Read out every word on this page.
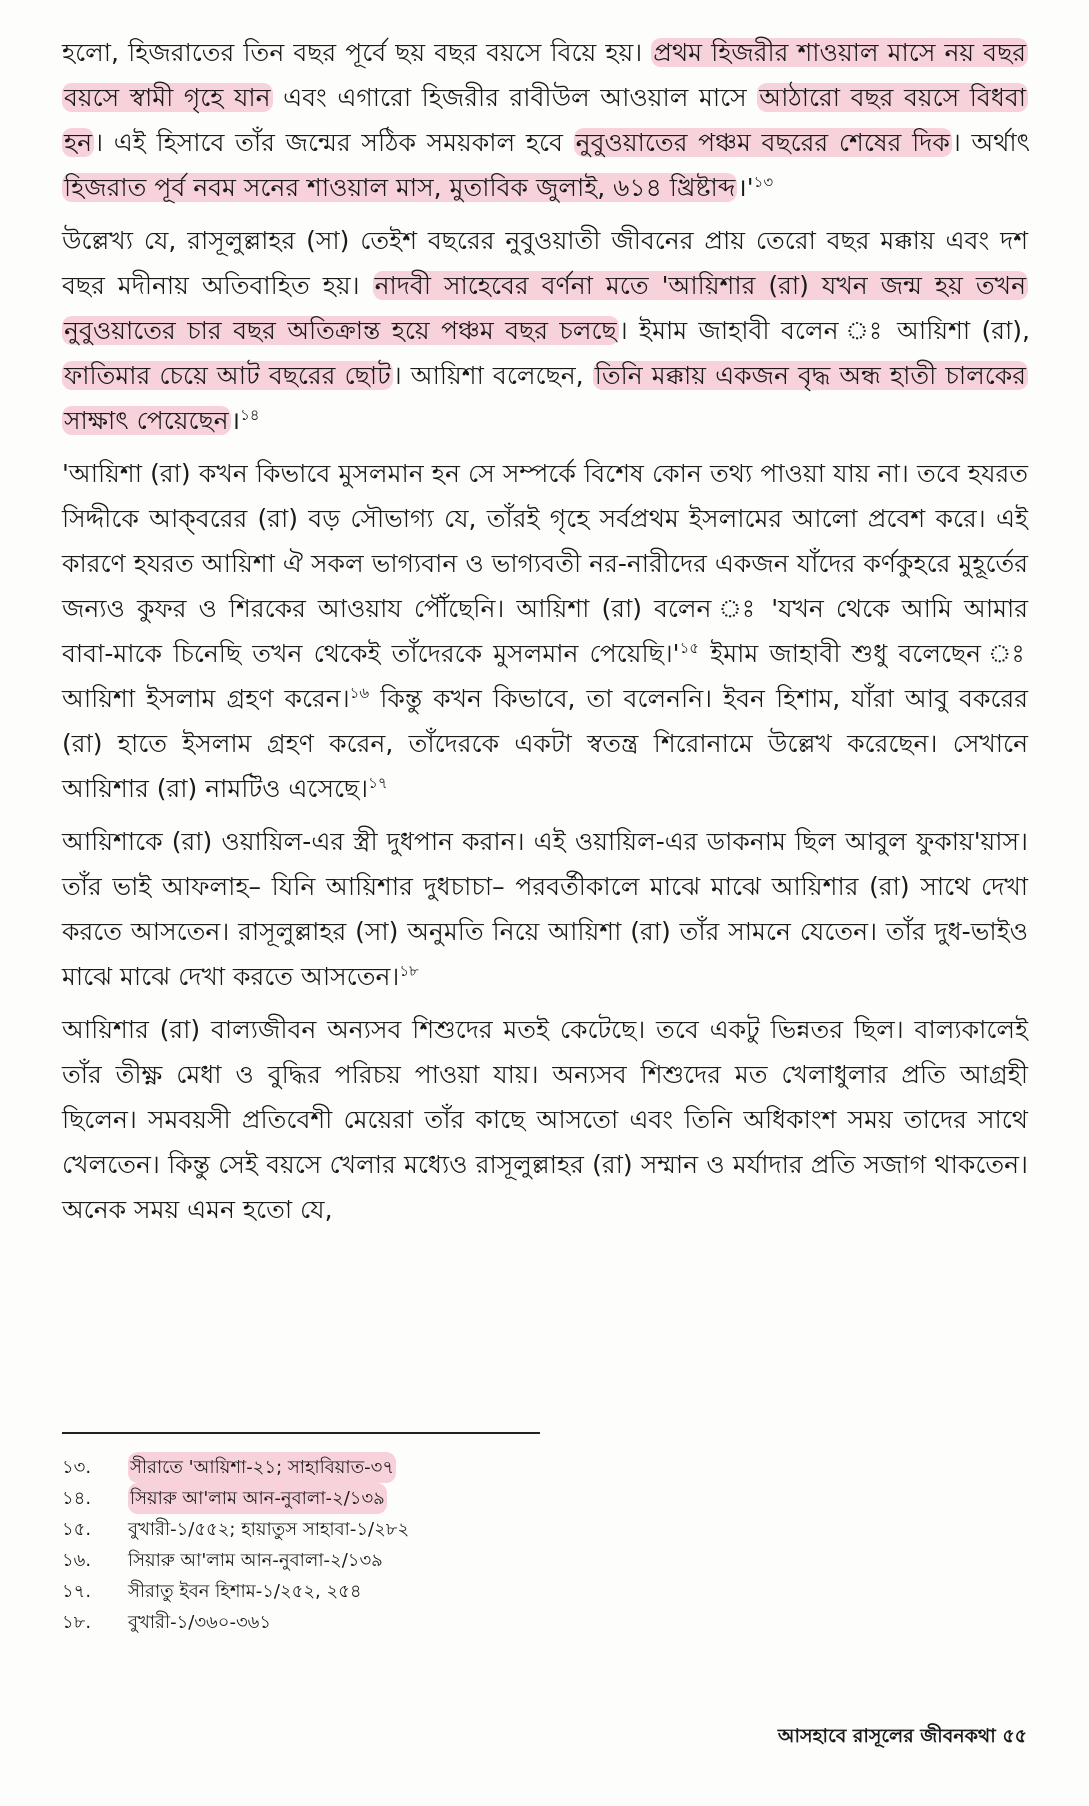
হলো, হিজরাতের তিন বছর পূর্বে ছয় বছর বয়সে বিয়ে হয়। প্রথম হিজরীর শাওয়াল মাসে নয় বছর বয়সে স্বামী গৃহে যান এবং এগারো হিজরীর রাবীউল আওয়াল মাসে আঠারো বছর বয়সে বিধবা হন। এই হিসাবে তাঁর জন্মের সঠিক সময়কাল হবে নুবুওয়াতের পঞ্চম বছরের শেষের দিক। অর্থাৎ হিজরাত পূর্ব নবম সনের শাওয়াল মাস, মুতাবিক জুলাই, ৬১৪ খ্রিষ্টাব্দ।'$^{১৩}$

উল্লেখ্য যে, রাসূলুল্লাহর (সা) তেইশ বছরের নুবুওয়াতী জীবনের প্রায় তেরো বছর মক্কায় এবং দশ বছর মদীনায় অতিবাহিত হয়। নাদবী সাহেবের বর্ণনা মতে 'আয়িশার (রা) যখন জন্ম হয় তখন নুবুওয়াতের চার বছর অতিক্রান্ত হয়ে পঞ্চম বছর চলছে। ইমাম জাহাবী বলেন ঃ আয়িশা (রা), ফাতিমার চেয়ে আট বছরের ছোট। আয়িশা বলেছেন, তিনি মক্কায় একজন বৃদ্ধ অন্ধ হাতী চালকের সাক্ষাৎ পেয়েছেন।$^{১৪}$

'আয়িশা (রা) কখন কিভাবে মুসলমান হন সে সম্পর্কে বিশেষ কোন তথ্য পাওয়া যায় না। তবে হযরত সিদ্দীকে আক্‌বরের (রা) বড় সৌভাগ্য যে, তাঁরই গৃহে সর্বপ্রথম ইসলামের আলো প্রবেশ করে। এই কারণে হযরত আয়িশা ঐ সকল ভাগ্যবান ও ভাগ্যবতী নর-নারীদের একজন যাঁদের কর্ণকুহরে মুহূর্তের জন্যও কুফর ও শিরকের আওয়ায পৌঁছেনি। আয়িশা (রা) বলেন ঃ 'যখন থেকে আমি আমার বাবা-মাকে চিনেছি তখন থেকেই তাঁদেরকে মুসলমান পেয়েছি।'$^{১৫}$ ইমাম জাহাবী শুধু বলেছেন ঃ আয়িশা ইসলাম গ্রহণ করেন।$^{১৬}$ কিন্তু কখন কিভাবে, তা বলেননি। ইবন হিশাম, যাঁরা আবু বকরের (রা) হাতে ইসলাম গ্রহণ করেন, তাঁদেরকে একটা স্বতন্ত্র শিরোনামে উল্লেখ করেছেন। সেখানে আয়িশার (রা) নামটিও এসেছে।$^{১৭}$

আয়িশাকে (রা) ওয়ায়িল-এর স্ত্রী দুধপান করান। এই ওয়ায়িল-এর ডাকনাম ছিল আবুল ফুকায়'য়াস। তাঁর ভাই আফলাহ– যিনি আয়িশার দুধচাচা– পরবর্তীকালে মাঝে মাঝে আয়িশার (রা) সাথে দেখা করতে আসতেন। রাসূলুল্লাহর (সা) অনুমতি নিয়ে আয়িশা (রা) তাঁর সামনে যেতেন। তাঁর দুধ-ভাইও মাঝে মাঝে দেখা করতে আসতেন।$^{১৮}$

আয়িশার (রা) বাল্যজীবন অন্যসব শিশুদের মতই কেটেছে। তবে একটু ভিন্নতর ছিল। বাল্যকালেই তাঁর তীক্ষ্ণ মেধা ও বুদ্ধির পরিচয় পাওয়া যায়। অন্যসব শিশুদের মত খেলাধুলার প্রতি আগ্রহী ছিলেন। সমবয়সী প্রতিবেশী মেয়েরা তাঁর কাছে আসতো এবং তিনি অধিকাংশ সময় তাদের সাথে খেলতেন। কিন্তু সেই বয়সে খেলার মধ্যেও রাসূলুল্লাহর (রা) সম্মান ও মর্যাদার প্রতি সজাগ থাকতেন। অনেক সময় এমন হতো যে,

১৩.	সীরাতে 'আয়িশা-২১; সাহাবিয়াত-৩৭
১৪.	সিয়ারু আ'লাম আন-নুবালা-২/১৩৯
১৫.	বুখারী-১/৫৫২; হায়াতুস সাহাবা-১/২৮২
১৬.	সিয়ারু আ'লাম আন-নুবালা-২/১৩৯
১৭.	সীরাতু ইবন হিশাম-১/২৫২, ২৫৪
১৮.	বুখারী-১/৩৬০-৩৬১
আসহাবে রাসূলের জীবনকথা ৫৫
